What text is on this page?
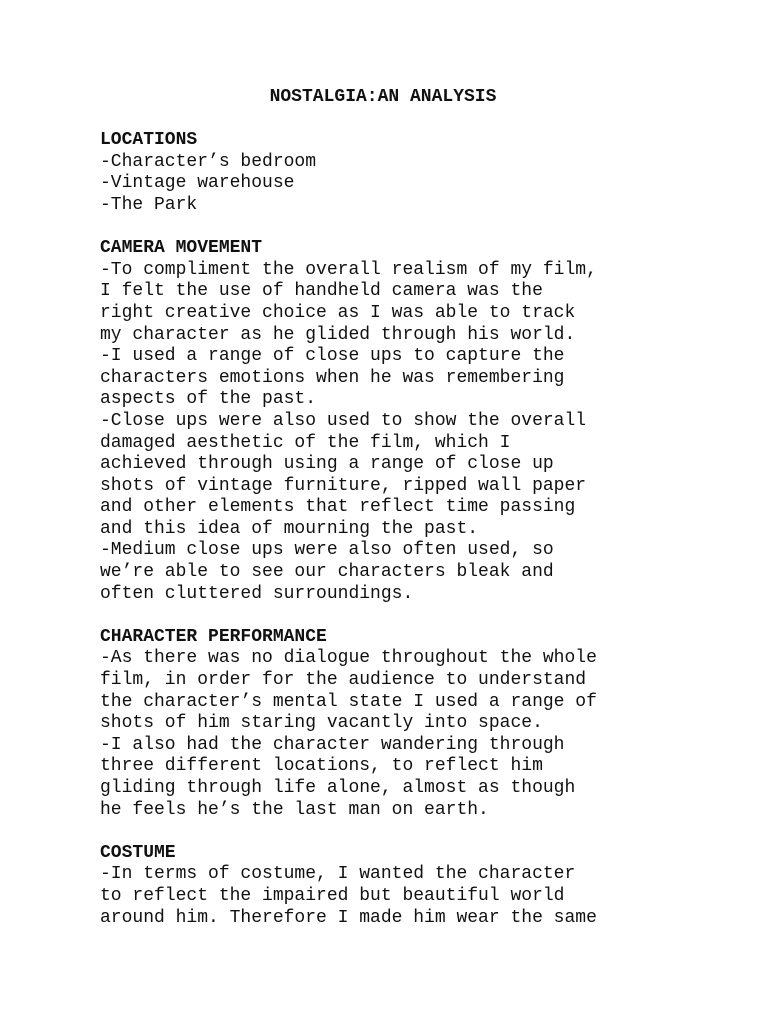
NOSTALGIA:AN ANALYSIS
LOCATIONS
-Character’s bedroom
-Vintage warehouse
-The Park
CAMERA MOVEMENT
-To compliment the overall realism of my film,
I felt the use of handheld camera was the
right creative choice as I was able to track
my character as he glided through his world.
-I used a range of close ups to capture the
characters emotions when he was remembering
aspects of the past.
-Close ups were also used to show the overall
damaged aesthetic of the film, which I
achieved through using a range of close up
shots of vintage furniture, ripped wall paper
and other elements that reflect time passing
and this idea of mourning the past.
-Medium close ups were also often used, so
we’re able to see our characters bleak and
often cluttered surroundings.
CHARACTER PERFORMANCE
-As there was no dialogue throughout the whole
film, in order for the audience to understand
the character’s mental state I used a range of
shots of him staring vacantly into space.
-I also had the character wandering through
three different locations, to reflect him
gliding through life alone, almost as though
he feels he’s the last man on earth.
COSTUME
-In terms of costume, I wanted the character
to reflect the impaired but beautiful world
around him. Therefore I made him wear the same
